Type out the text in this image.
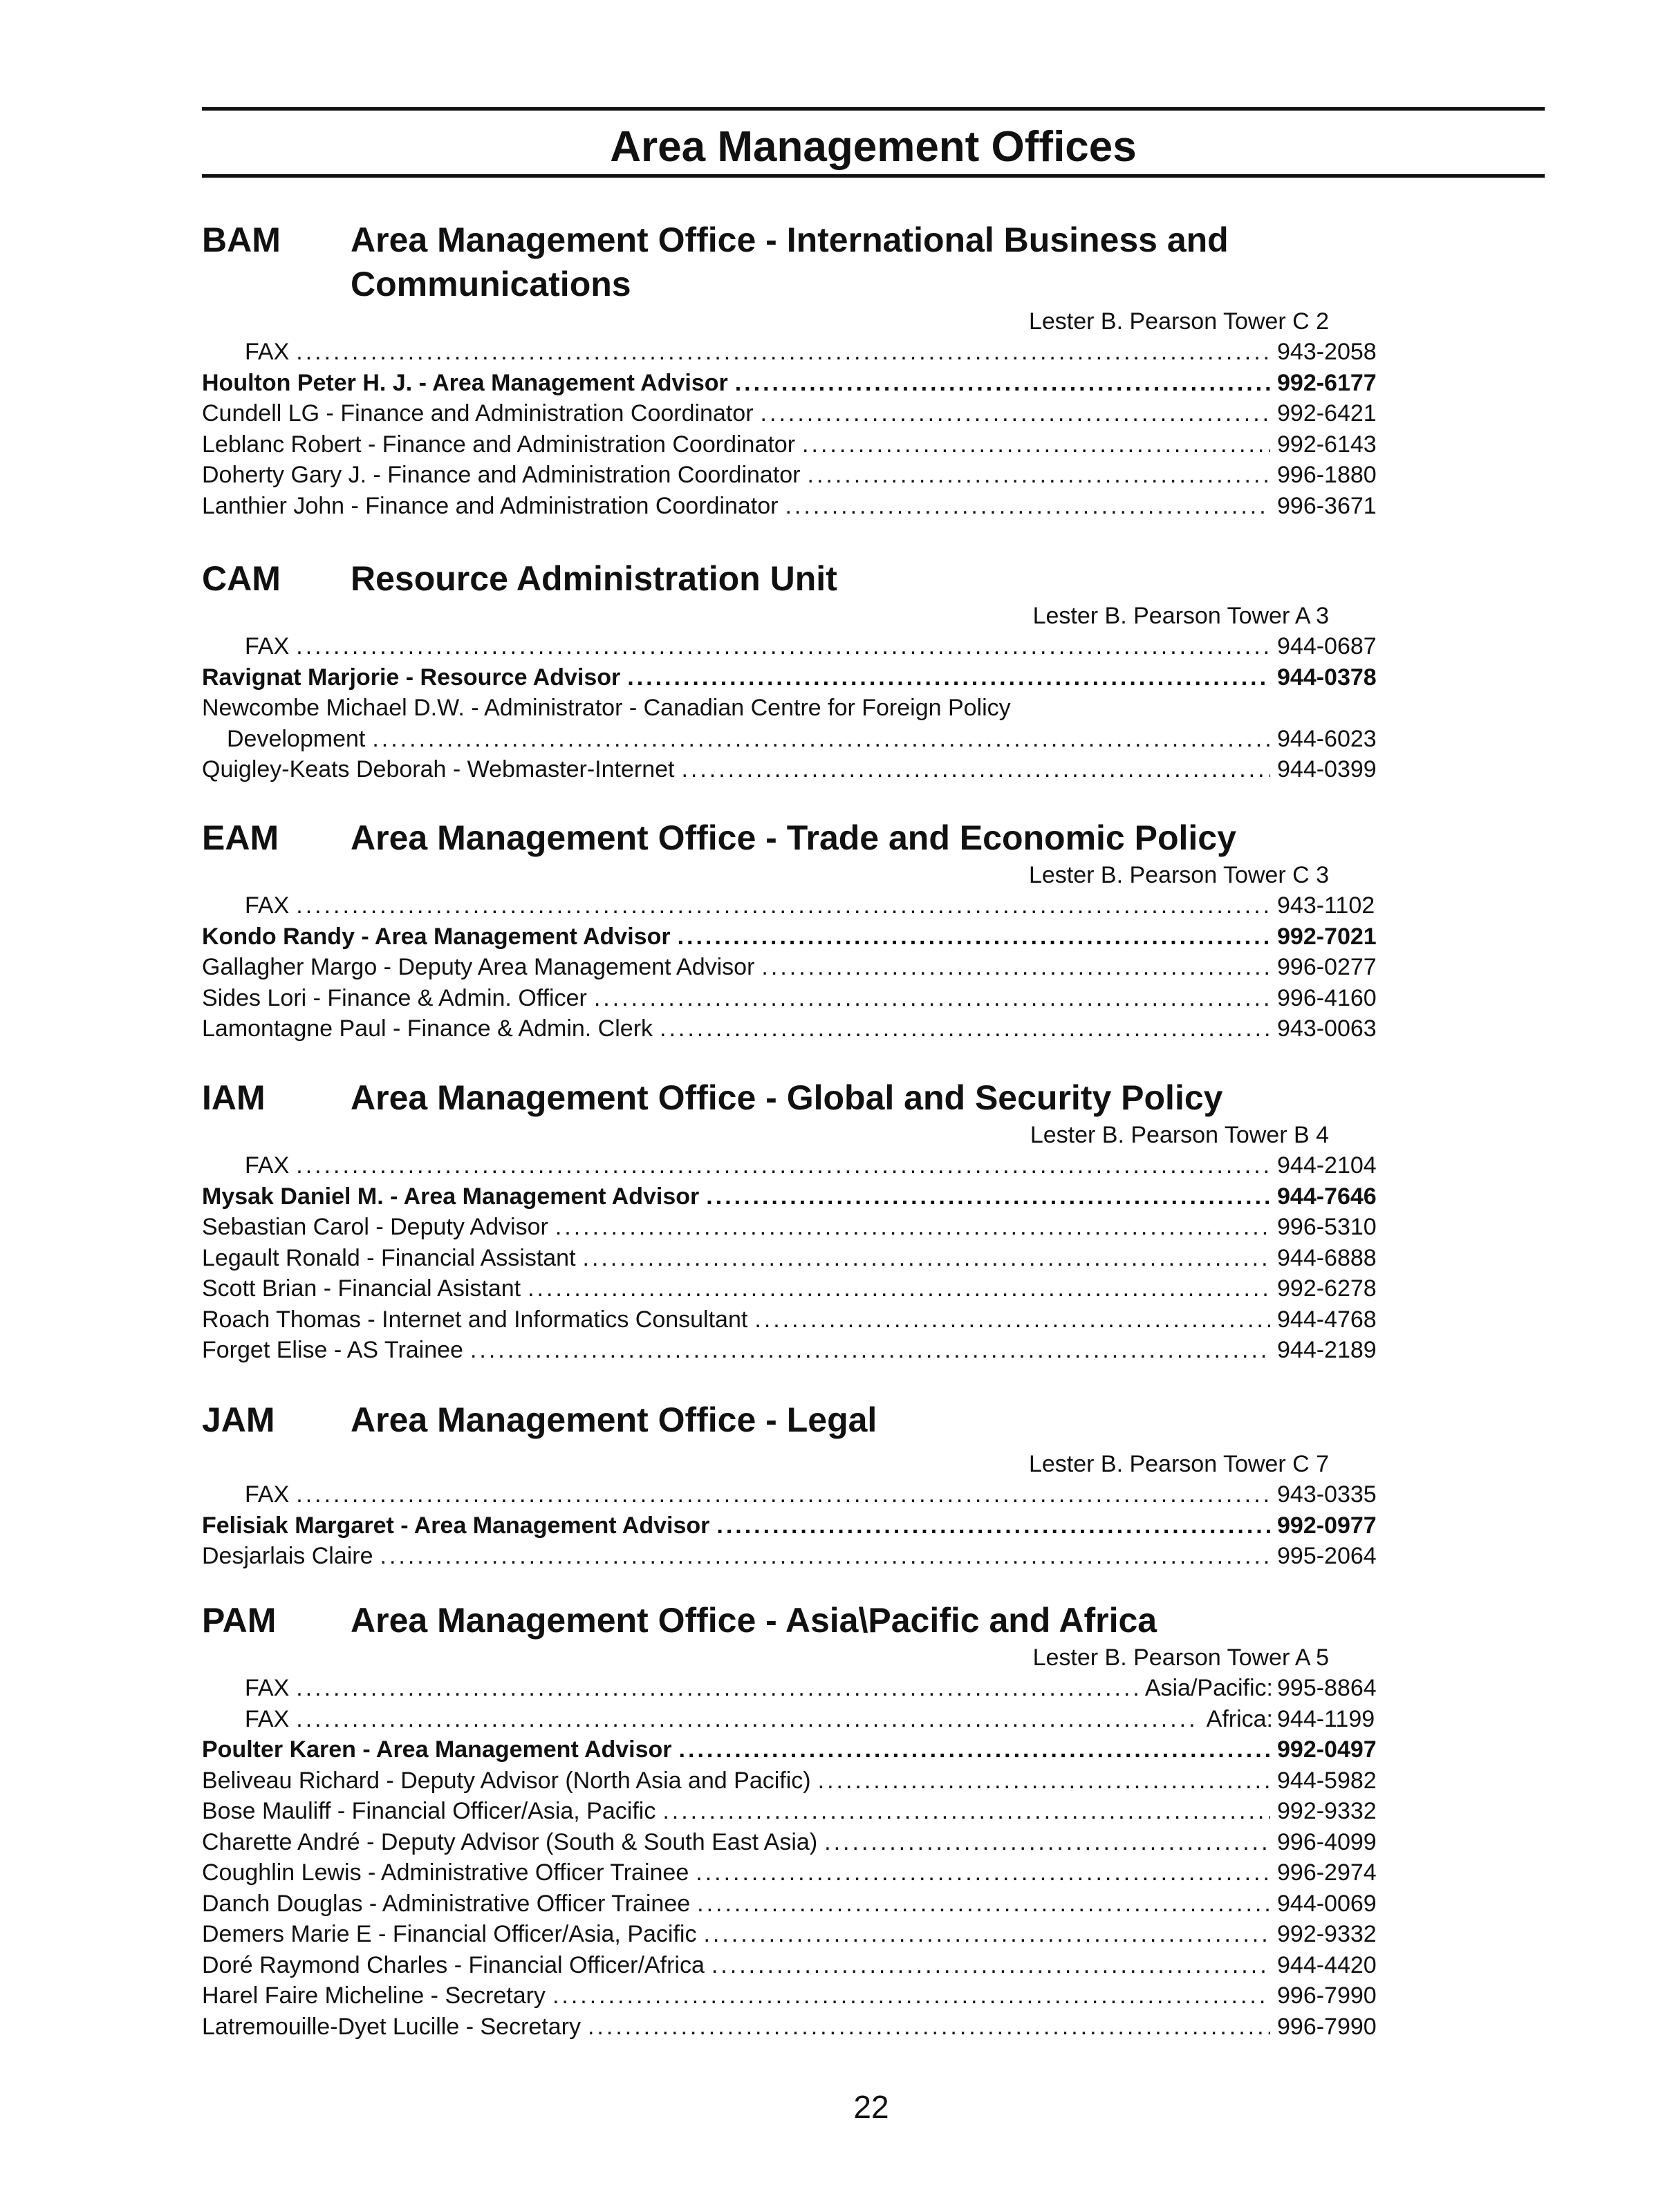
Area Management Offices
BAM	Area Management Office - International Business and Communications
Lester B. Pearson Tower C 2
FAX .....	943-2058
Houlton Peter H. J. - Area Management Advisor .....	992-6177
Cundell LG - Finance and Administration Coordinator .....	992-6421
Leblanc Robert - Finance and Administration Coordinator .....	992-6143
Doherty Gary J. - Finance and Administration Coordinator .....	996-1880
Lanthier John - Finance and Administration Coordinator .....	996-3671
CAM	Resource Administration Unit
Lester B. Pearson Tower A 3
FAX .....	944-0687
Ravignat Marjorie - Resource Advisor .....	944-0378
Newcombe Michael D.W. - Administrator - Canadian Centre for Foreign Policy
Development .....	944-6023
Quigley-Keats Deborah - Webmaster-Internet .....	944-0399
EAM	Area Management Office - Trade and Economic Policy
Lester B. Pearson Tower C 3
FAX .....	943-1102
Kondo Randy - Area Management Advisor .....	992-7021
Gallagher Margo - Deputy Area Management Advisor .....	996-0277
Sides Lori - Finance & Admin. Officer .....	996-4160
Lamontagne Paul - Finance & Admin. Clerk .....	943-0063
IAM	Area Management Office - Global and Security Policy
Lester B. Pearson Tower B 4
FAX .....	944-2104
Mysak Daniel M. - Area Management Advisor .....	944-7646
Sebastian Carol - Deputy Advisor .....	996-5310
Legault Ronald - Financial Assistant .....	944-6888
Scott Brian - Financial Asistant .....	992-6278
Roach Thomas - Internet and Informatics Consultant .....	944-4768
Forget Elise - AS Trainee .....	944-2189
JAM	Area Management Office - Legal
Lester B. Pearson Tower C 7
FAX .....	943-0335
Felisiak Margaret - Area Management Advisor .....	992-0977
Desjarlais Claire .....	995-2064
PAM	Area Management Office - Asia\Pacific and Africa
Lester B. Pearson Tower A 5
FAX .....	Asia/Pacific: 995-8864
FAX .....	Africa: 944-1199
Poulter Karen - Area Management Advisor .....	992-0497
Beliveau Richard - Deputy Advisor (North Asia and Pacific) .....	944-5982
Bose Mauliff - Financial Officer/Asia, Pacific .....	992-9332
Charette André - Deputy Advisor (South & South East Asia) .....	996-4099
Coughlin Lewis - Administrative Officer Trainee .....	996-2974
Danch Douglas - Administrative Officer Trainee .....	944-0069
Demers Marie E - Financial Officer/Asia, Pacific .....	992-9332
Doré Raymond Charles - Financial Officer/Africa .....	944-4420
Harel Faire Micheline - Secretary .....	996-7990
Latremouille-Dyet Lucille - Secretary .....	996-7990
22
